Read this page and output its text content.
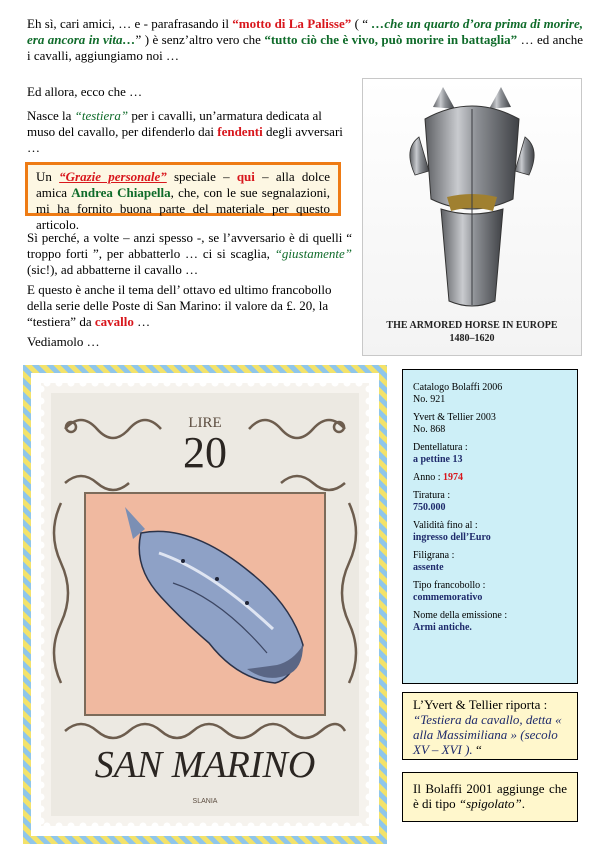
Eh sì, cari amici, … e - parafrasando il “motto di La Palisse” ( “ …che un quarto d’ora prima di morire, era ancora in vita…” ) è senz’altro vero che “tutto ciò che è vivo, può morire in battaglia” … ed anche i cavalli, aggiungiamo noi …

Ed allora, ecco che …

Nasce la “testiera” per i cavalli, un’armatura dedicata al muso del cavallo, per difenderlo dai fendenti degli avversari …

Un “Grazie personale” speciale – qui – alla dolce amica Andrea Chiapella, che, con le sue segnalazioni, mi ha fornito buona parte del materiale per questo articolo.

Sì perché, a volte – anzi spesso -, se l’avversario è di quelli “ troppo forti ”, per abbatterlo … ci si scaglia, “giustamente” (sic!), ad abbatterne il cavallo …

E questo è anche il tema dell’ ottavo ed ultimo francobollo della serie delle Poste di San Marino: il valore da £. 20, la “testiera” da cavallo …

Vediamolo …

THE ARMORED HORSE IN EUROPE
1480–1620
LIRE
20
SAN MARINO
SLANIA
Catalogo Bolaffi 2006
No. 921
Yvert & Tellier 2003
No. 868
Dentellatura :
a pettine 13
Anno : 1974
Tiratura :
750.000
Validità fino al :
ingresso dell’Euro
Filigrana :
assente
Tipo francobollo :
commemorativo
Nome della emissione :
Armi antiche.
L’Yvert & Tellier riporta : “Testiera da cavallo, detta « alla Massimiliana » (secolo XV – XVI ). “
Il Bolaffi 2001 aggiunge che è di tipo “spigolato”.
